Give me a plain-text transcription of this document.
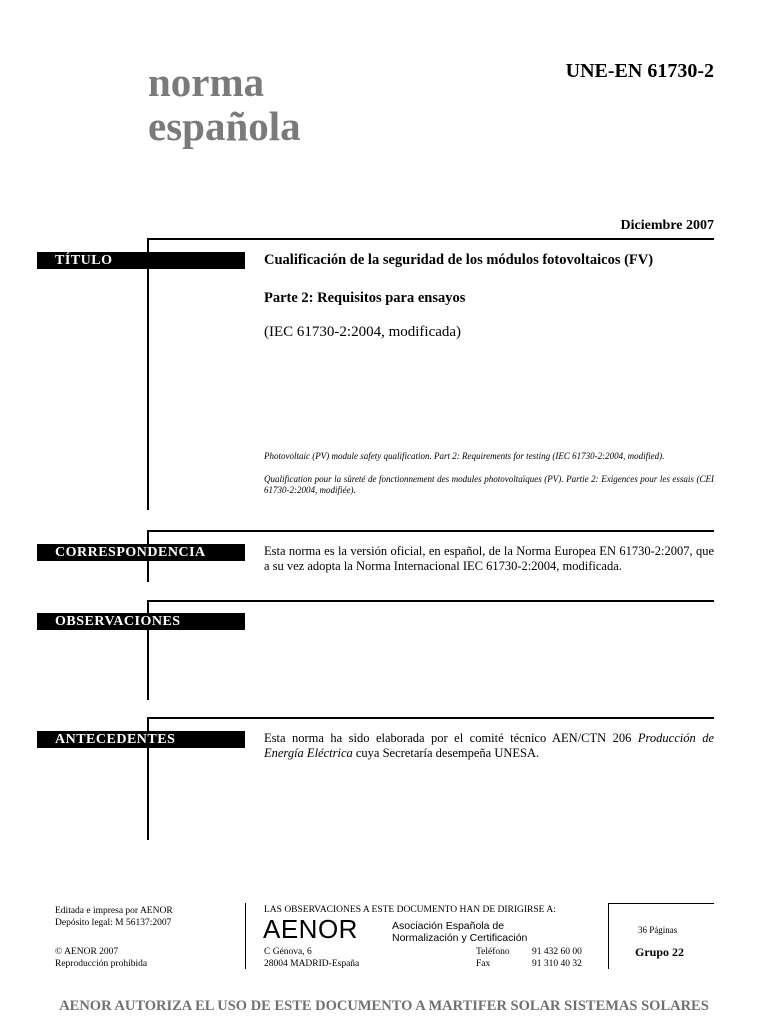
norma
española
UNE-EN 61730-2
Diciembre 2007
TÍTULO	Cualificación de la seguridad de los módulos fotovoltaicos (FV)
Parte 2: Requisitos para ensayos
(IEC 61730-2:2004, modificada)
Photovoltaic (PV) module safety qualification. Part 2: Requirements for testing (IEC 61730-2:2004, modified).
Qualification pour la sûreté de fonctionnement des modules photovoltaïques (PV). Partie 2: Exigences pour les essais (CEI 61730-2:2004, modifiée).
CORRESPONDENCIA	Esta norma es la versión oficial, en español, de la Norma Europea EN 61730-2:2007, que a su vez adopta la Norma Internacional IEC 61730-2:2004, modificada.
OBSERVACIONES
ANTECEDENTES	Esta norma ha sido elaborada por el comité técnico AEN/CTN 206 Producción de Energía Eléctrica cuya Secretaría desempeña UNESA.
Editada e impresa por AENOR
Depósito legal: M 56137:2007
© AENOR 2007
Reproducción prohibida
LAS OBSERVACIONES A ESTE DOCUMENTO HAN DE DIRIGIRSE A:
AENOR	Asociación Española de
Normalización y Certificación
C Génova, 6
28004 MADRID-España
Teléfono 91 432 60 00
Fax	91 310 40 32
36 Páginas
Grupo 22
AENOR AUTORIZA EL USO DE ESTE DOCUMENTO A MARTIFER SOLAR SISTEMAS SOLARES
